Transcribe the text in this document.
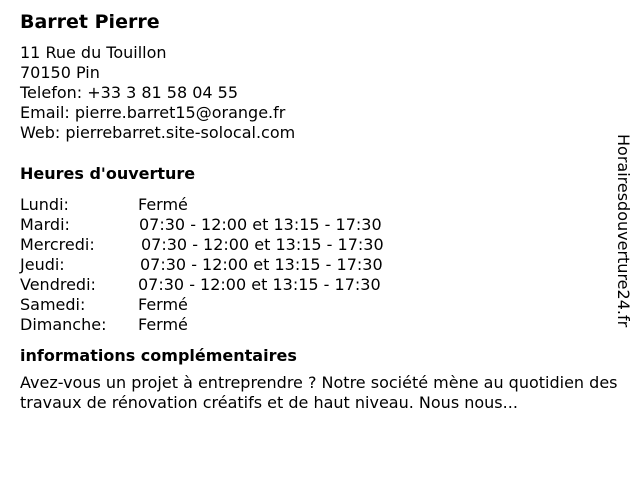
Barret Pierre
11 Rue du Touillon
70150 Pin
Telefon: +33 3 81 58 04 55
Email: pierre.barret15@orange.fr
Web: pierrebarret.site-solocal.com
Heures d'ouverture
Lundi:	Fermé
Mardi:	07:30 - 12:00 et 13:15 - 17:30
Mercredi:	07:30 - 12:00 et 13:15 - 17:30
Jeudi:	07:30 - 12:00 et 13:15 - 17:30
Vendredi:	07:30 - 12:00 et 13:15 - 17:30
Samedi:	Fermé
Dimanche:	Fermé
informations complémentaires

Avez-vous un projet à entreprendre ? Notre société mène au quotidien des travaux de rénovation créatifs et de haut niveau. Nous nous...

Horairesdouverture24.fr
